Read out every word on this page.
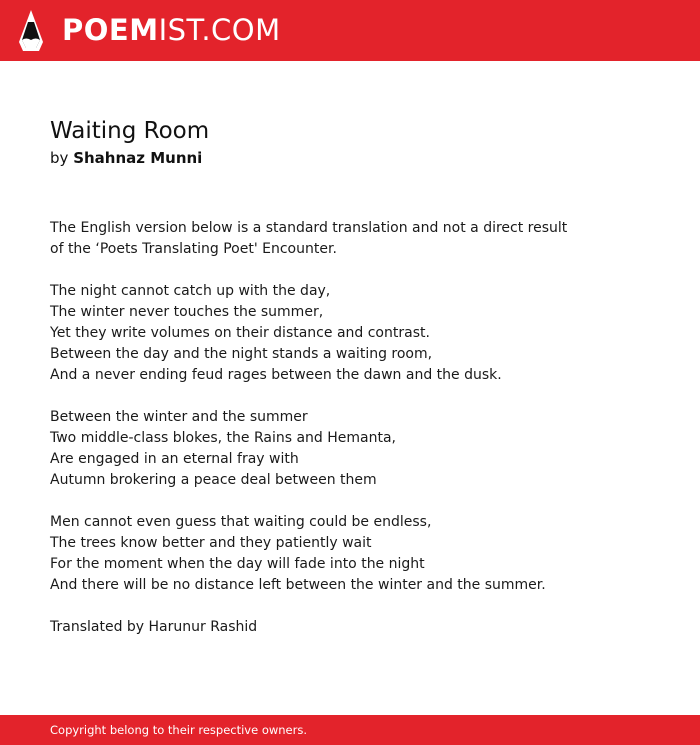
POEMIST.COM
Waiting Room

by Shahnaz Munni

The English version below is a standard translation and not a direct result
of the ‘Poets Translating Poet' Encounter.

The night cannot catch up with the day,
The winter never touches the summer,
Yet they write volumes on their distance and contrast.
Between the day and the night stands a waiting room,
And a never ending feud rages between the dawn and the dusk.

Between the winter and the summer
Two middle-class blokes, the Rains and Hemanta,
Are engaged in an eternal fray with
Autumn brokering a peace deal between them

Men cannot even guess that waiting could be endless,
The trees know better and they patiently wait
For the moment when the day will fade into the night
And there will be no distance left between the winter and the summer.

Translated by Harunur Rashid

Copyright belong to their respective owners.
